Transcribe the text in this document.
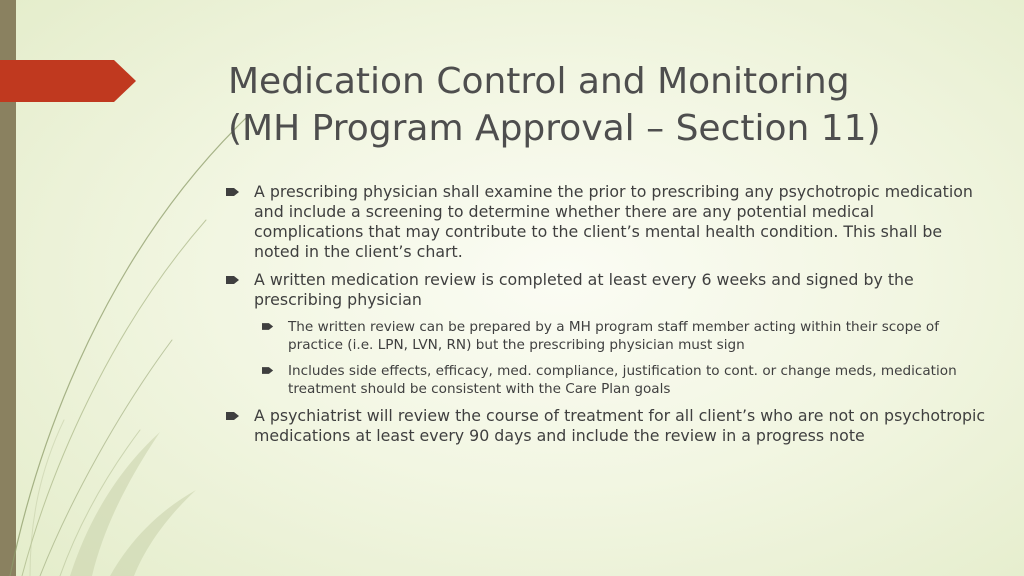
Medication Control and Monitoring
(MH Program Approval – Section 11)
A prescribing physician shall examine the prior to prescribing any psychotropic medication and include a screening to determine whether there are any potential medical complications that may contribute to the client’s mental health condition. This shall be noted in the client’s chart.
A written medication review is completed at least every 6 weeks and signed by the prescribing physician
The written review can be prepared by a MH program staff member acting within their scope of practice (i.e. LPN, LVN, RN) but the prescribing physician must sign
Includes side effects, efficacy, med. compliance, justification to cont. or change meds, medication treatment should be consistent with the Care Plan goals
A psychiatrist will review the course of treatment for all client’s who are not on psychotropic medications at least every 90 days and include the review in a progress note
